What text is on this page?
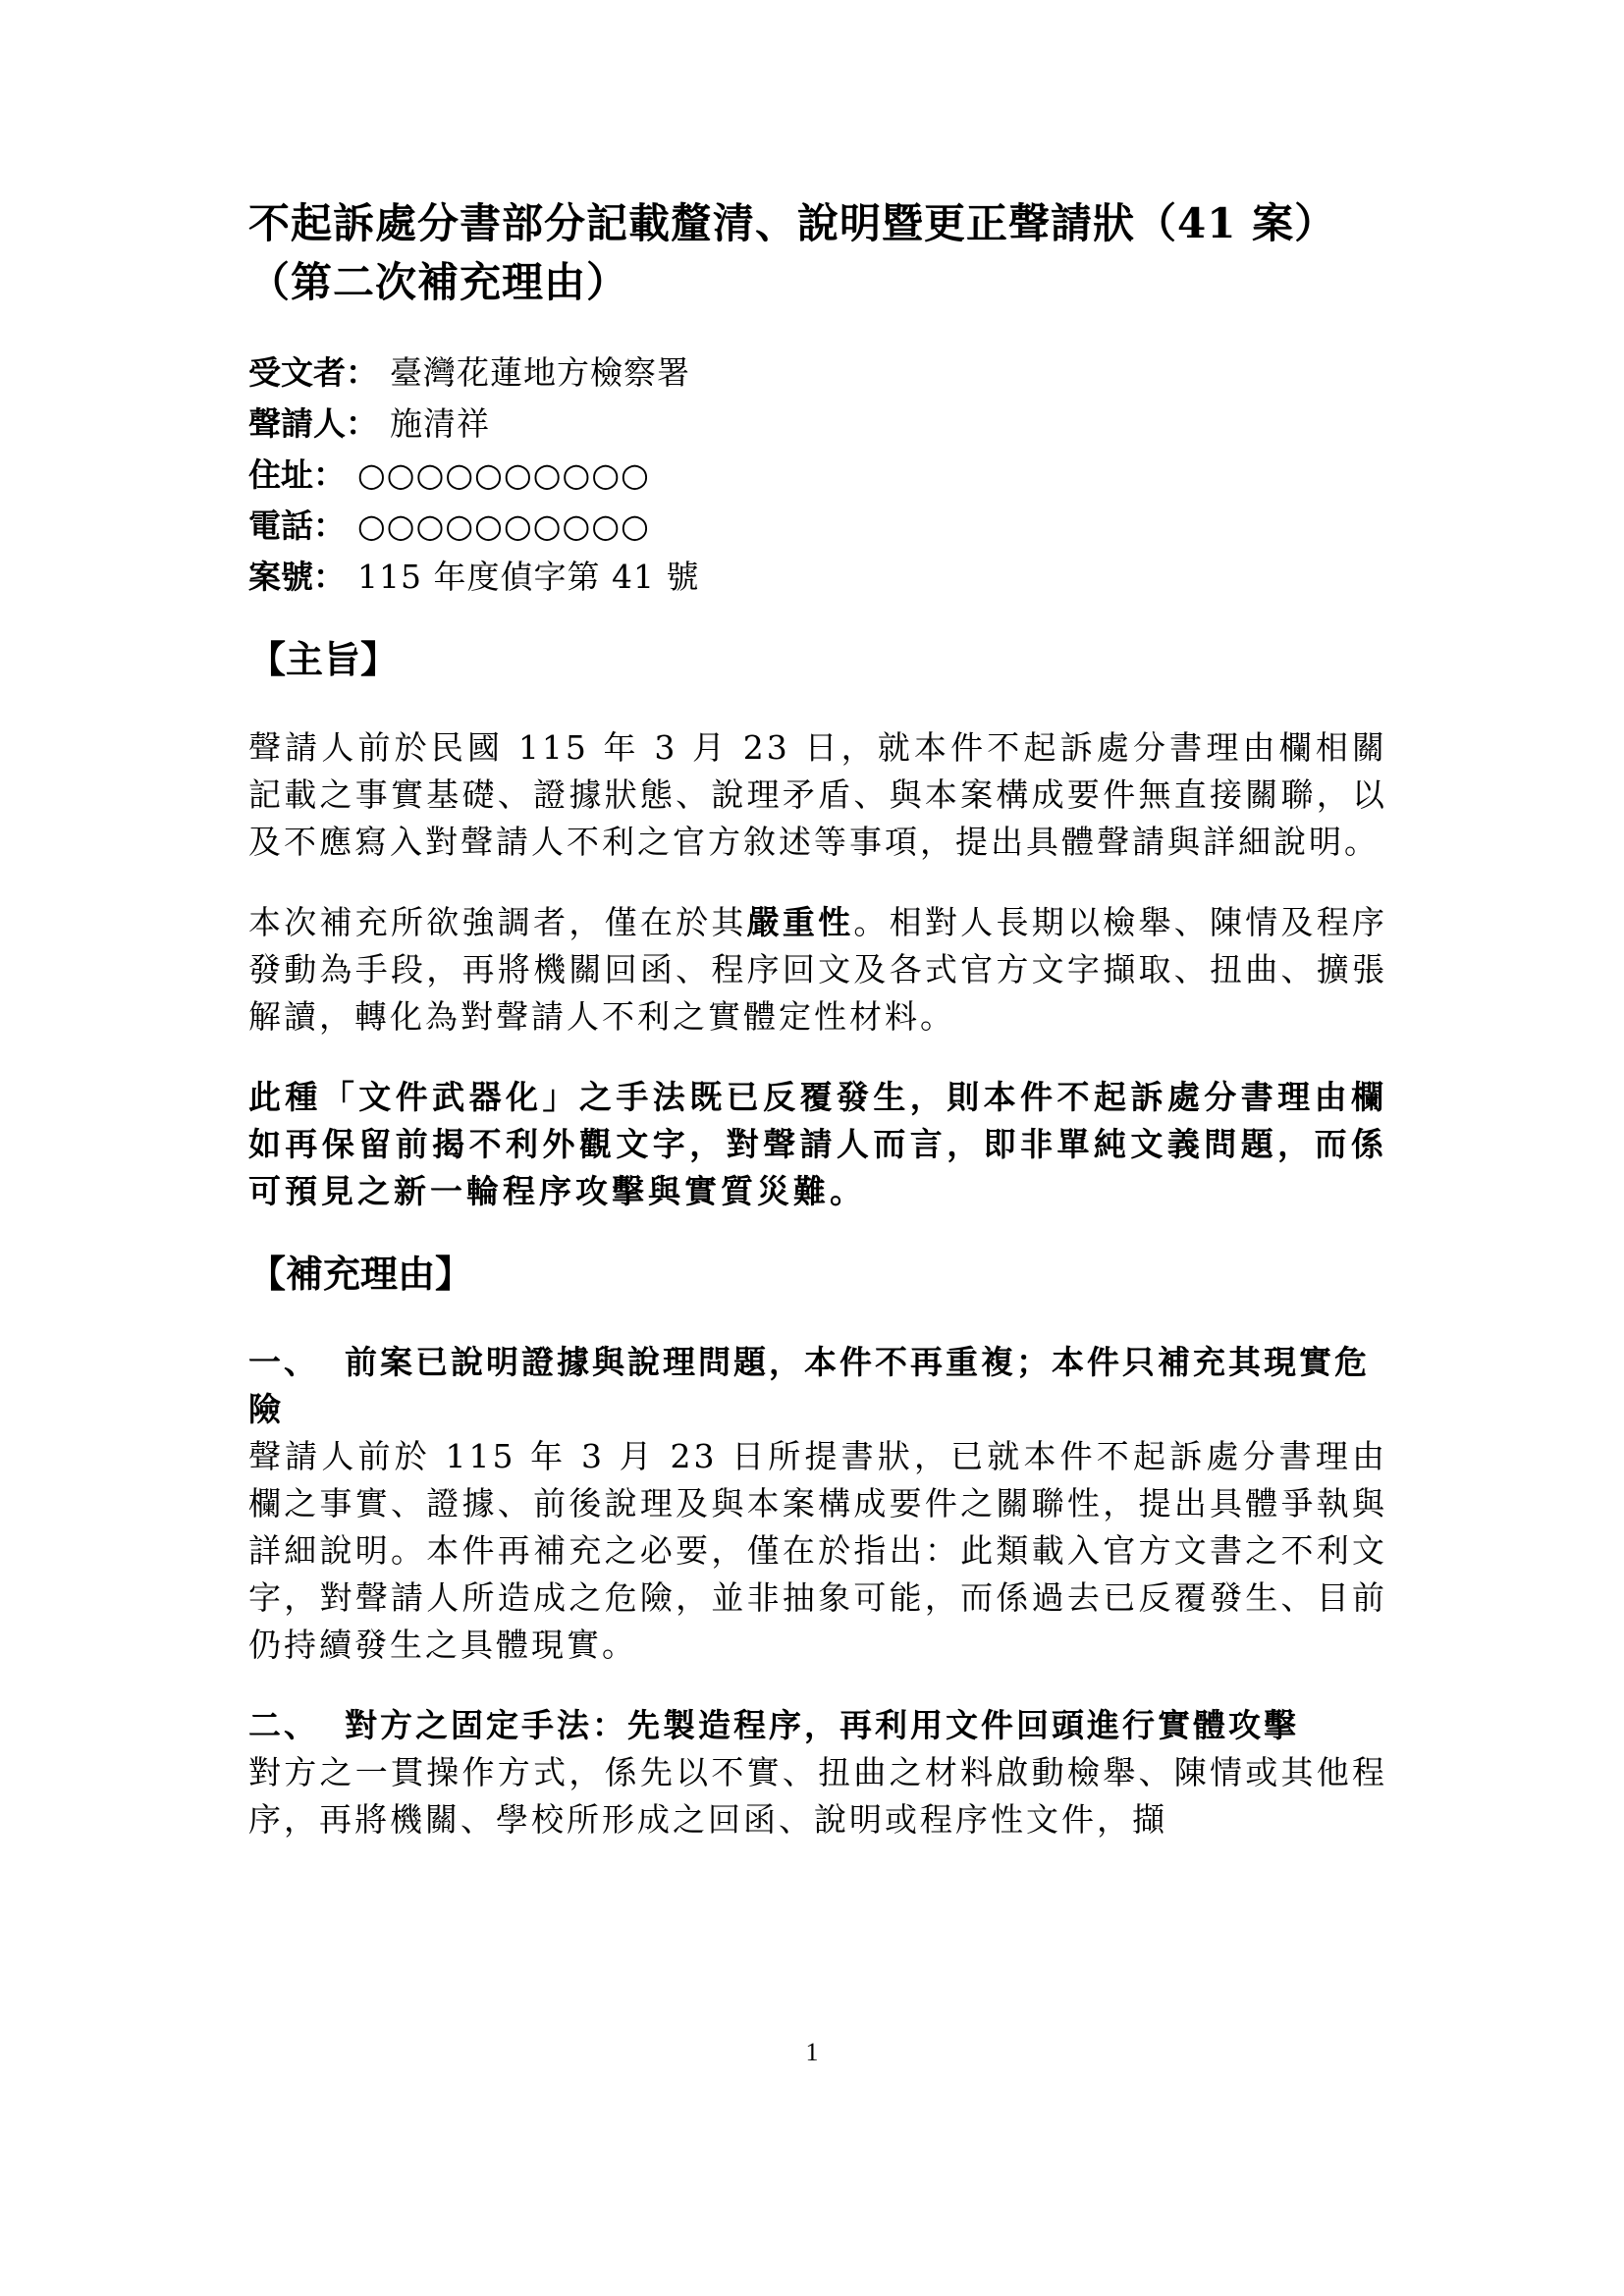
不起訴處分書部分記載釐清、說明暨更正聲請狀（41 案）
（第二次補充理由）
受文者： 臺灣花蓮地方檢察署
聲請人： 施清祥
住址： ○○○○○○○○○○
電話： ○○○○○○○○○○
案號： 115 年度偵字第 41 號
【主旨】

聲請人前於民國 115 年 3 月 23 日，就本件不起訴處分書理由欄相關記載之事實基礎、證據狀態、說理矛盾、與本案構成要件無直接關聯，以及不應寫入對聲請人不利之官方敘述等事項，提出具體聲請與詳細說明。

本次補充所欲強調者，僅在於其嚴重性。相對人長期以檢舉、陳情及程序發動為手段，再將機關回函、程序回文及各式官方文字擷取、扭曲、擴張解讀，轉化為對聲請人不利之實體定性材料。

此種「文件武器化」之手法既已反覆發生，則本件不起訴處分書理由欄如再保留前揭不利外觀文字，對聲請人而言，即非單純文義問題，而係可預見之新一輪程序攻擊與實質災難。

【補充理由】
一、 前案已說明證據與說理問題，本件不再重複；本件只補充其現實危險

聲請人前於 115 年 3 月 23 日所提書狀，已就本件不起訴處分書理由欄之事實、證據、前後說理及與本案構成要件之關聯性，提出具體爭執與詳細說明。本件再補充之必要，僅在於指出：此類載入官方文書之不利文字，對聲請人所造成之危險，並非抽象可能，而係過去已反覆發生、目前仍持續發生之具體現實。

二、 對方之固定手法：先製造程序，再利用文件回頭進行實體攻擊

對方之一貫操作方式，係先以不實、扭曲之材料啟動檢舉、陳情或其他程序，再將機關、學校所形成之回函、說明或程序性文件，擷

1
